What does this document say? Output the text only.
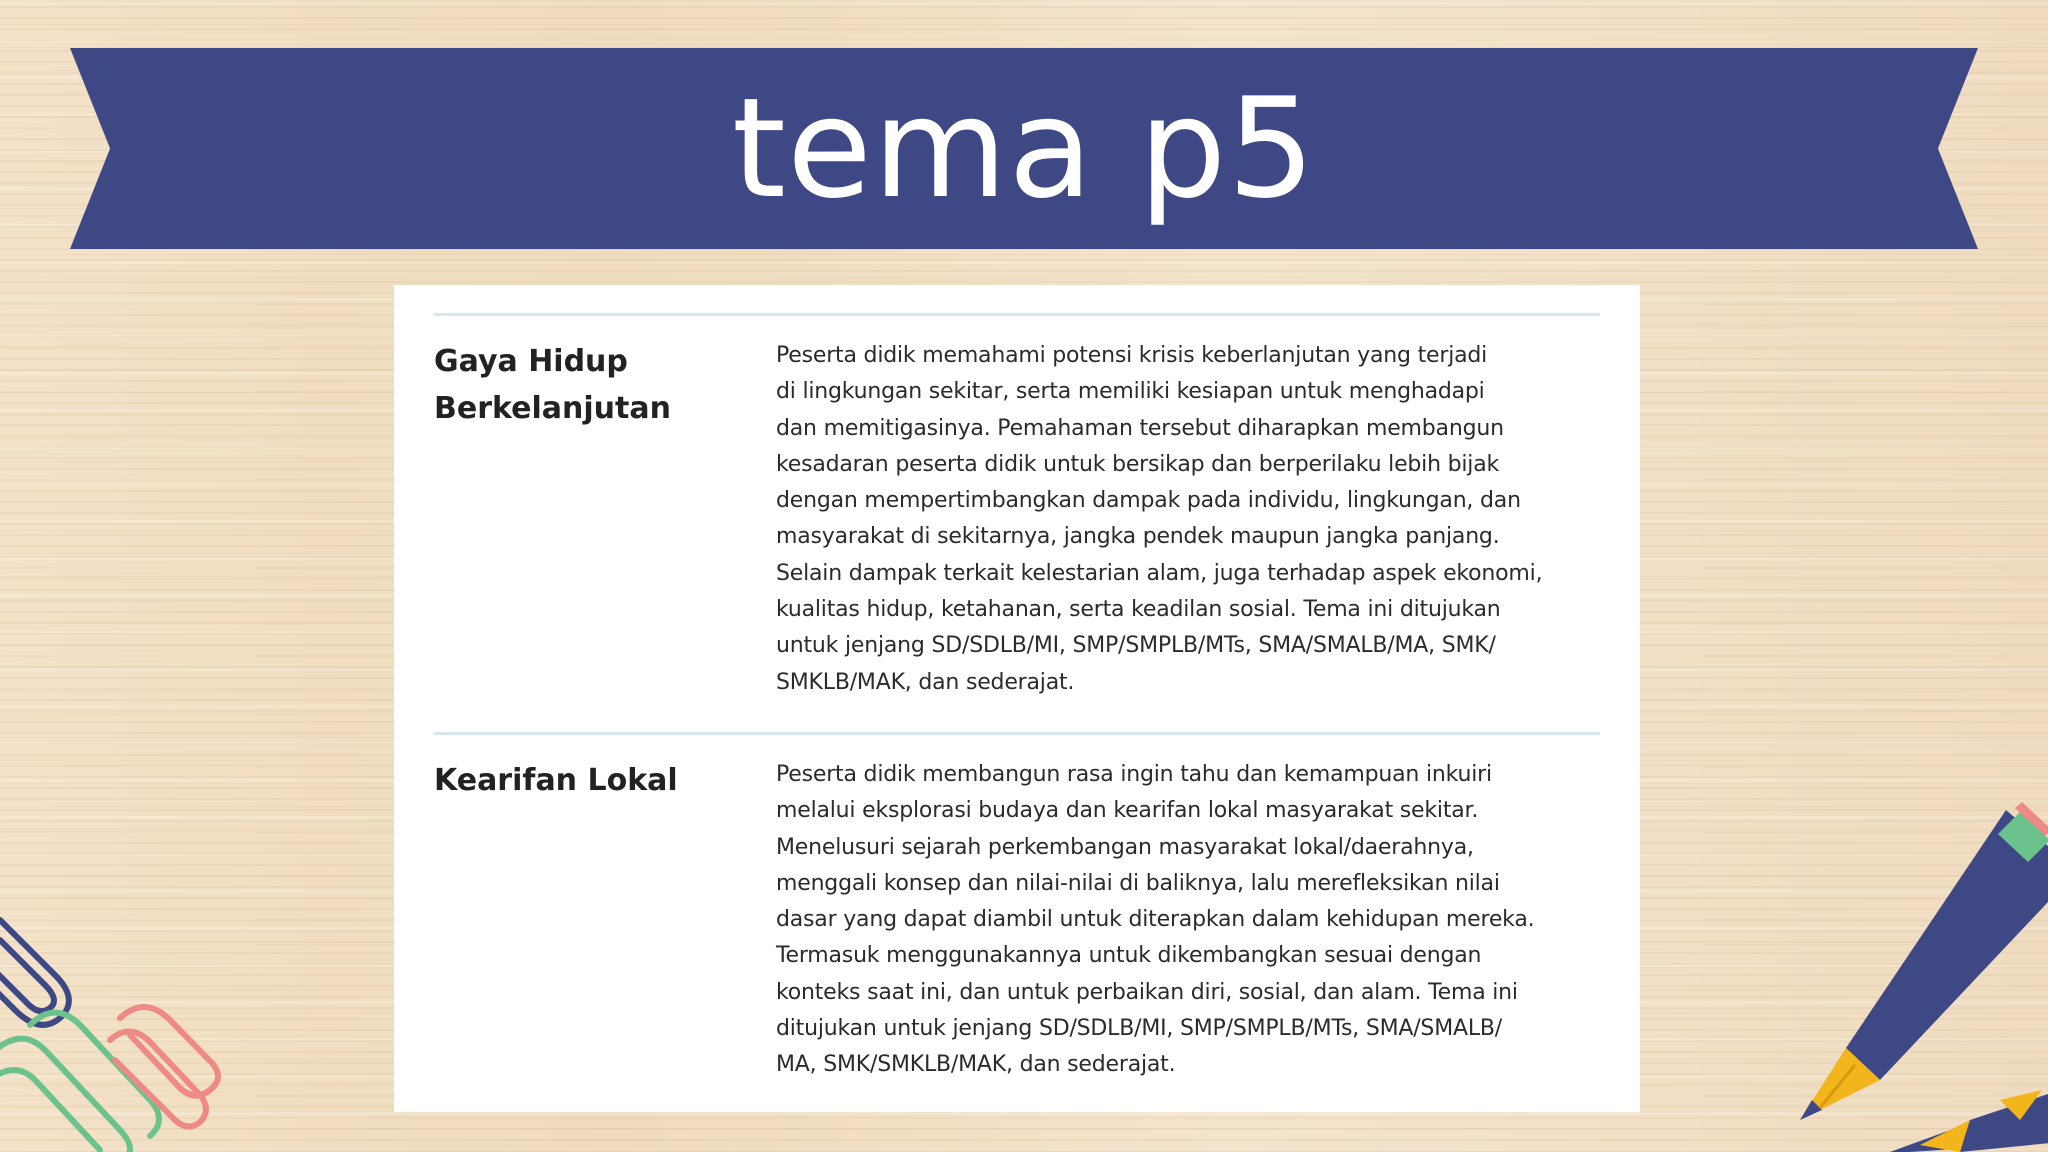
tema p5
Gaya Hidup
Berkelanjutan
Peserta didik memahami potensi krisis keberlanjutan yang terjadi
di lingkungan sekitar, serta memiliki kesiapan untuk menghadapi
dan memitigasinya. Pemahaman tersebut diharapkan membangun
kesadaran peserta didik untuk bersikap dan berperilaku lebih bijak
dengan mempertimbangkan dampak pada individu, lingkungan, dan
masyarakat di sekitarnya, jangka pendek maupun jangka panjang.
Selain dampak terkait kelestarian alam, juga terhadap aspek ekonomi,
kualitas hidup, ketahanan, serta keadilan sosial. Tema ini ditujukan
untuk jenjang SD/SDLB/MI, SMP/SMPLB/MTs, SMA/SMALB/MA, SMK/
SMKLB/MAK, dan sederajat.
Kearifan Lokal	Peserta didik membangun rasa ingin tahu dan kemampuan inkuiri
melalui eksplorasi budaya dan kearifan lokal masyarakat sekitar.
Menelusuri sejarah perkembangan masyarakat lokal/daerahnya,
menggali konsep dan nilai-nilai di baliknya, lalu merefleksikan nilai
dasar yang dapat diambil untuk diterapkan dalam kehidupan mereka.
Termasuk menggunakannya untuk dikembangkan sesuai dengan
konteks saat ini, dan untuk perbaikan diri, sosial, dan alam. Tema ini
ditujukan untuk jenjang SD/SDLB/MI, SMP/SMPLB/MTs, SMA/SMALB/
MA, SMK/SMKLB/MAK, dan sederajat.
